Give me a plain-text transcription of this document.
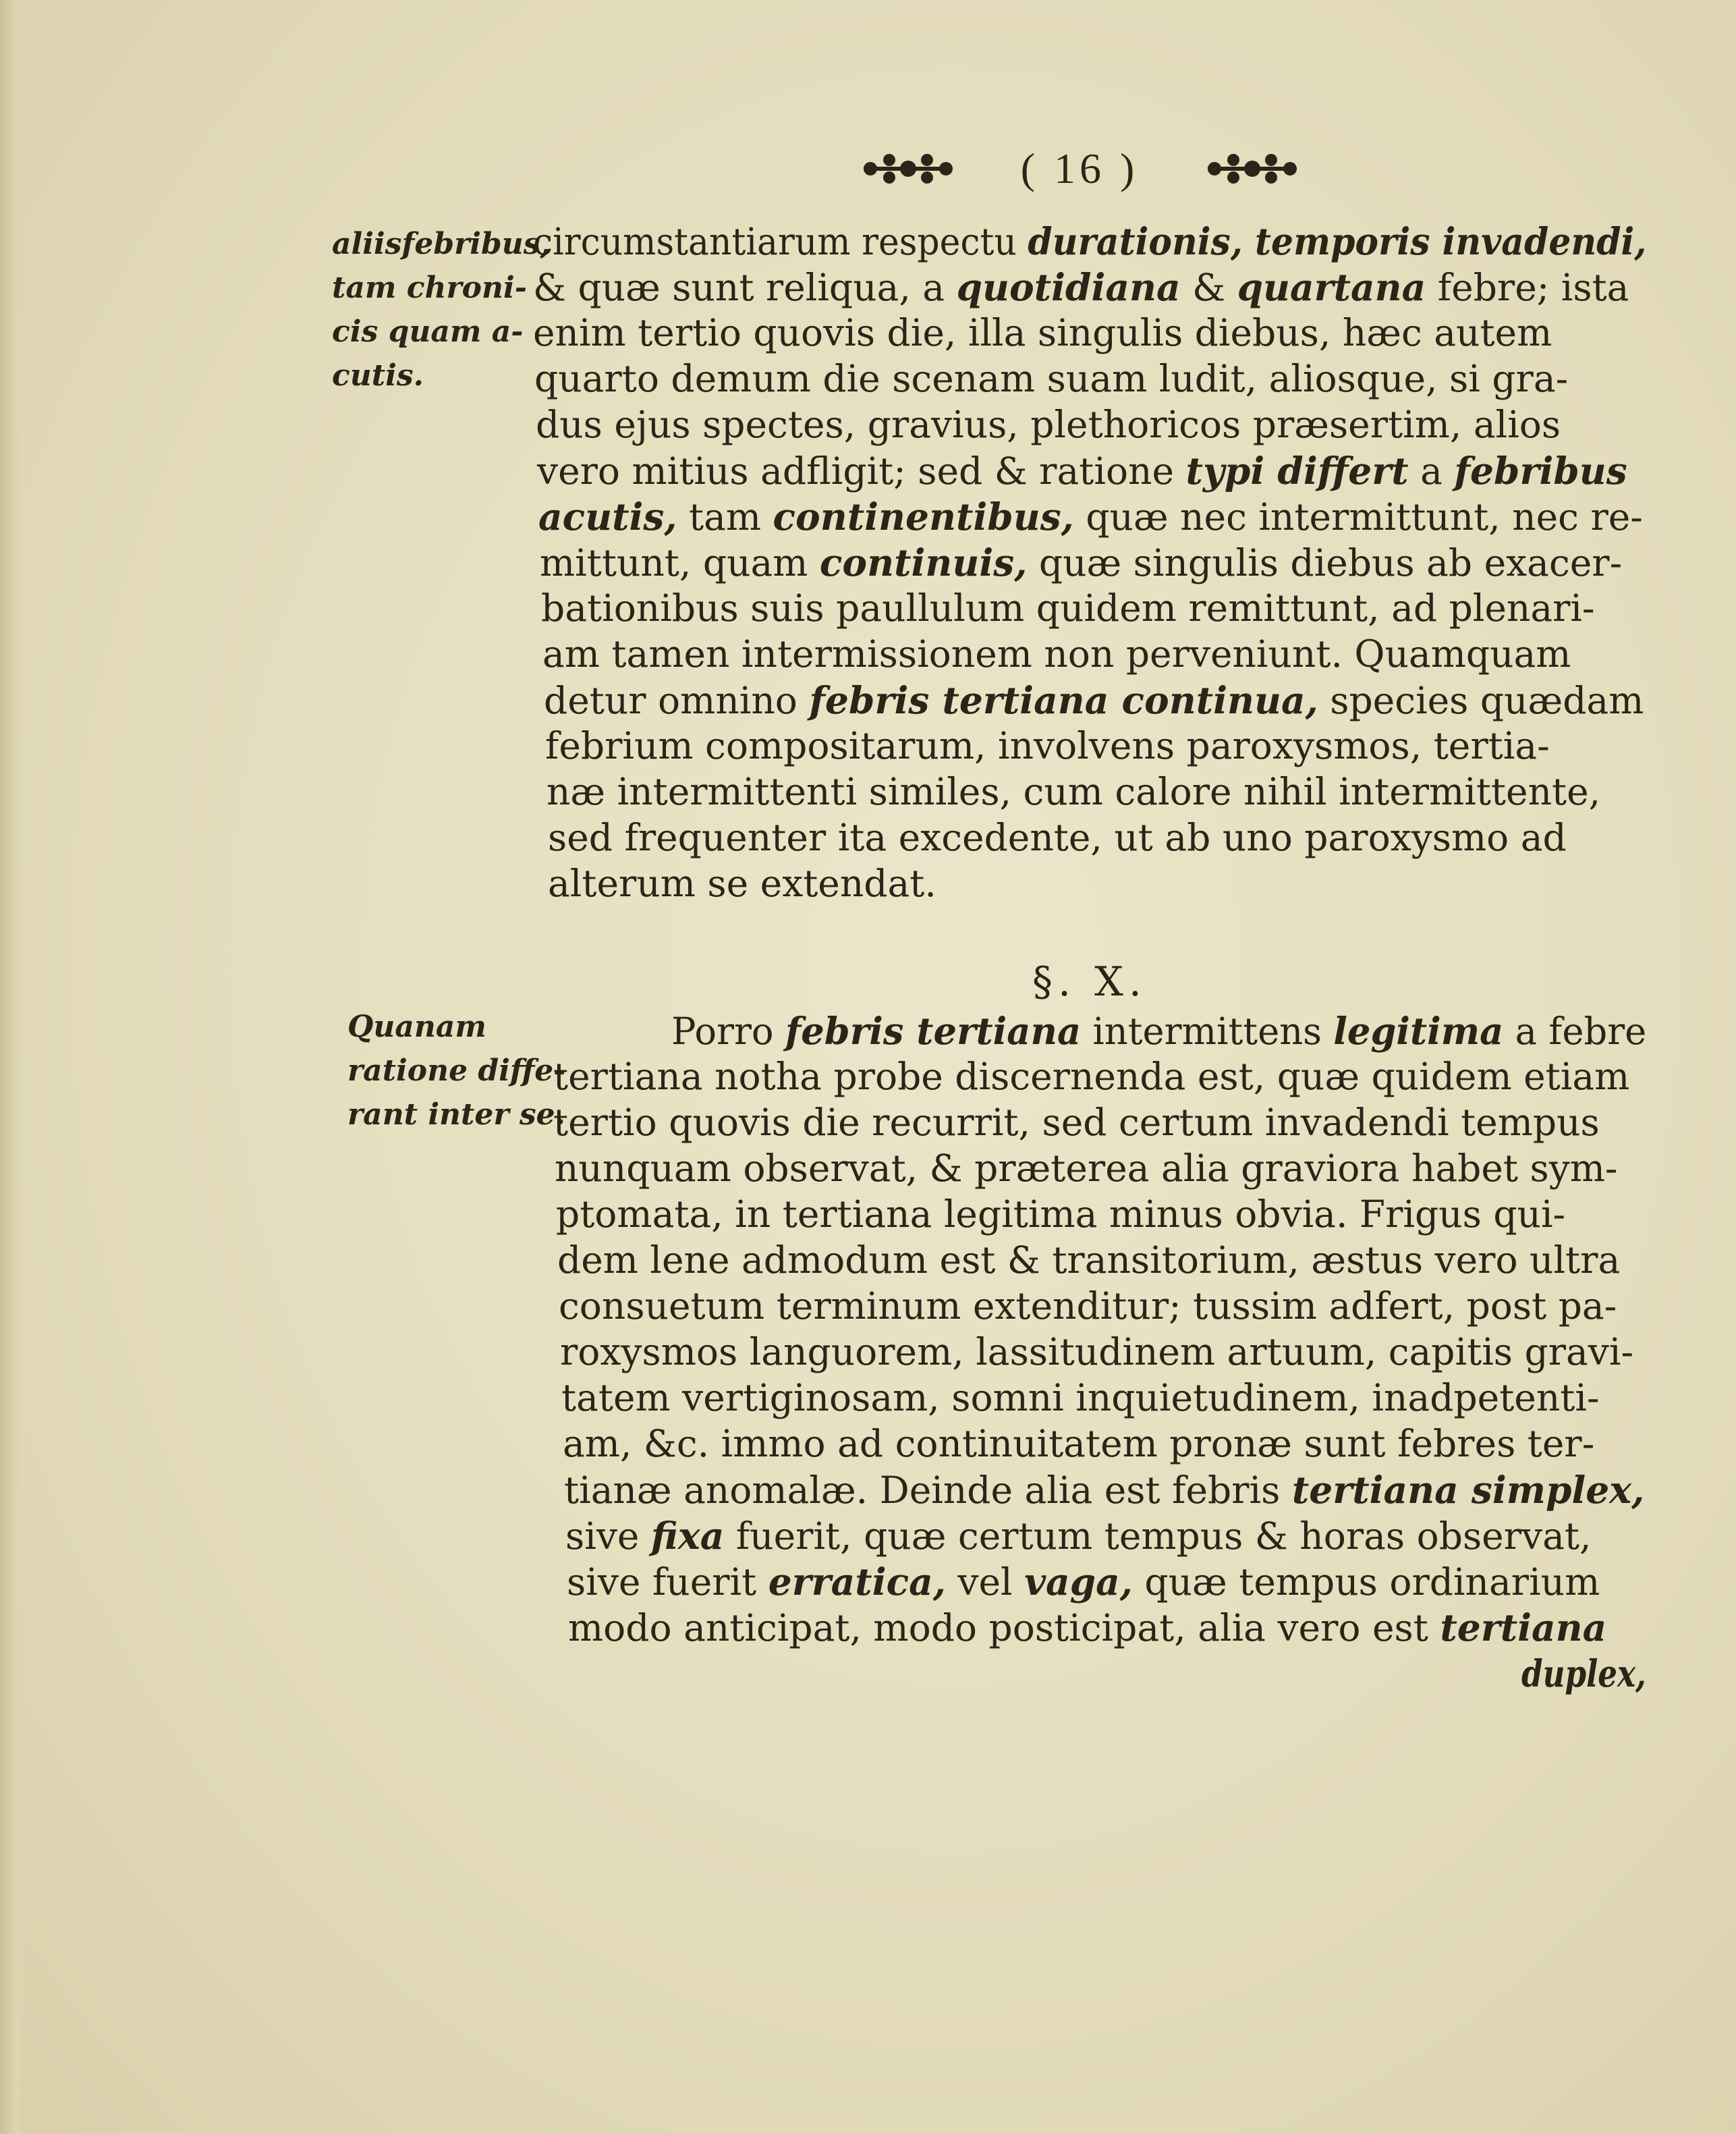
( 16 )
aliisfebribus,
tam chroni-
cis quam a-
cutis.
Quanam
ratione diffe-
rant inter se.
circumstantiarum respectu durationis, temporis invadendi,
& quæ sunt reliqua, a quotidiana & quartana febre; ista
enim tertio quovis die, illa singulis diebus, hæc autem
quarto demum die scenam suam ludit, aliosque, si gra-
dus ejus spectes, gravius, plethoricos præsertim, alios
vero mitius adfligit; sed & ratione typi differt a febribus
acutis, tam continentibus, quæ nec intermittunt, nec re-
mittunt, quam continuis, quæ singulis diebus ab exacer-
bationibus suis paullulum quidem remittunt, ad plenari-
am tamen intermissionem non perveniunt. Quamquam
detur omnino febris tertiana continua, species quædam
febrium compositarum, involvens paroxysmos, tertia-
næ intermittenti similes, cum calore nihil intermittente,
sed frequenter ita excedente, ut ab uno paroxysmo ad
alterum se extendat.
§. X.
Porro febris tertiana intermittens legitima a febre
tertiana notha probe discernenda est, quæ quidem etiam
tertio quovis die recurrit, sed certum invadendi tempus
nunquam observat, & præterea alia graviora habet sym-
ptomata, in tertiana legitima minus obvia. Frigus qui-
dem lene admodum est & transitorium, æstus vero ultra
consuetum terminum extenditur; tussim adfert, post pa-
roxysmos languorem, lassitudinem artuum, capitis gravi-
tatem vertiginosam, somni inquietudinem, inadpetenti-
am, &c. immo ad continuitatem pronæ sunt febres ter-
tianæ anomalæ. Deinde alia est febris tertiana simplex,
sive fixa fuerit, quæ certum tempus & horas observat,
sive fuerit erratica, vel vaga, quæ tempus ordinarium
modo anticipat, modo posticipat, alia vero est tertiana
duplex,
